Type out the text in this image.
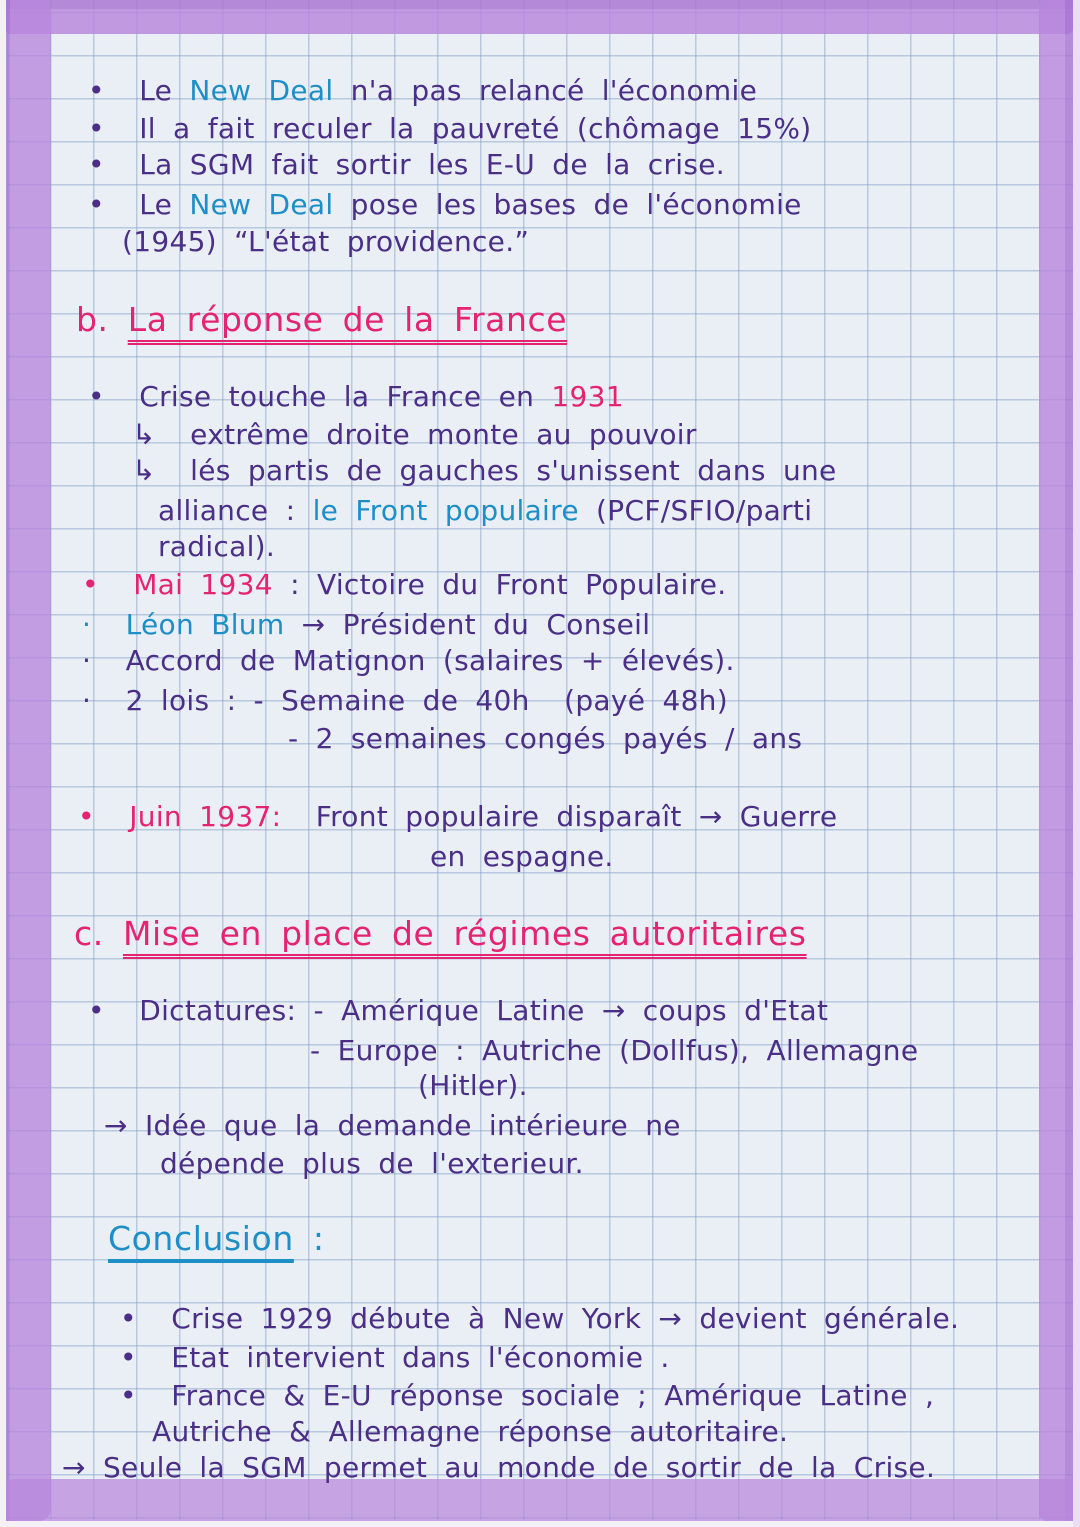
•  Le New Deal n'a pas relancé l'économie
•  Il a fait reculer la pauvreté (chômage 15%)
•  La SGM fait sortir les E-U de la crise.
•  Le New Deal pose les bases de l'économie
(1945) “L'état providence.”
b. La réponse de la France
•  Crise touche la France en 1931
↳  extrême droite monte au pouvoir
↳  lés partis de gauches s'unissent dans une
alliance : le Front populaire (PCF/SFIO/parti
radical).
•  Mai 1934 : Victoire du Front Populaire.
·  Léon Blum → Président du Conseil
·  Accord de Matignon (salaires + élevés).
·  2 lois : - Semaine de 40h  (payé 48h)
- 2 semaines congés payés / ans
•  Juin 1937:  Front populaire disparaît → Guerre
en espagne.
c. Mise en place de régimes autoritaires
•  Dictatures: - Amérique Latine → coups d'Etat
- Europe : Autriche (Dollfus), Allemagne
(Hitler).
→ Idée que la demande intérieure ne
dépende plus de l'exterieur.
Conclusion :
•  Crise 1929 débute à New York → devient générale.
•  Etat intervient dans l'économie .
•  France & E-U réponse sociale ; Amérique Latine ,
Autriche & Allemagne réponse autoritaire.
→ Seule la SGM permet au monde de sortir de la Crise.
